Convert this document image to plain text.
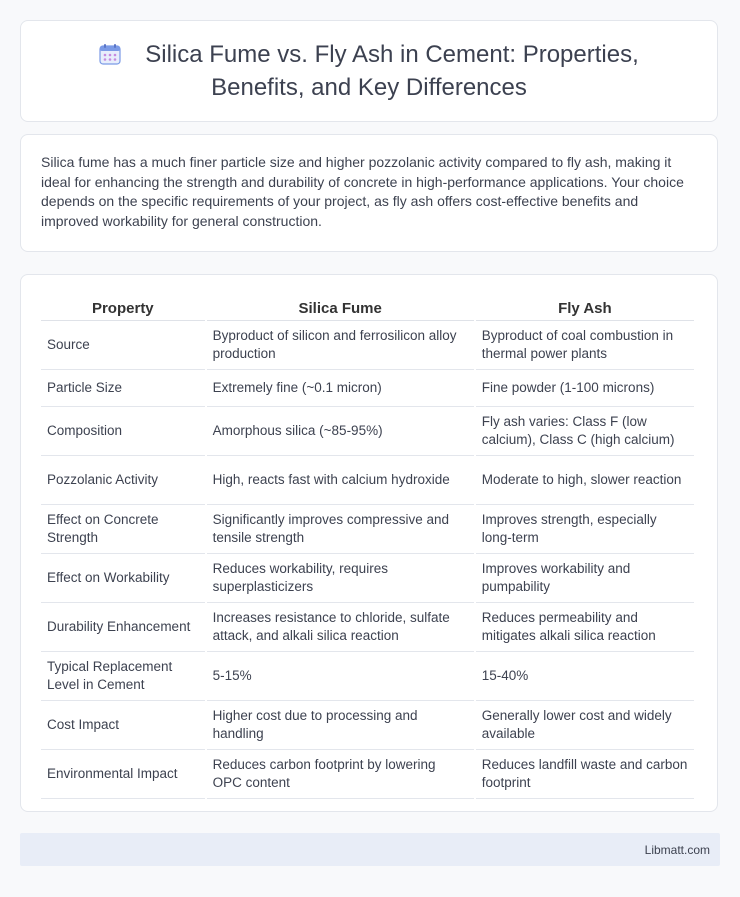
Silica Fume vs. Fly Ash in Cement: Properties, Benefits, and Key Differences

Silica fume has a much finer particle size and higher pozzolanic activity compared to fly ash, making it ideal for enhancing the strength and durability of concrete in high-performance applications. Your choice depends on the specific requirements of your project, as fly ash offers cost-effective benefits and improved workability for general construction.

Property	Silica Fume	Fly Ash
Source	Byproduct of silicon and ferrosilicon alloy production	Byproduct of coal combustion in thermal power plants
Particle Size	Extremely fine (~0.1 micron)	Fine powder (1-100 microns)
Composition	Amorphous silica (~85-95%)	Fly ash varies: Class F (low calcium), Class C (high calcium)
Pozzolanic Activity	High, reacts fast with calcium hydroxide	Moderate to high, slower reaction
Effect on Concrete Strength	Significantly improves compressive and tensile strength	Improves strength, especially long-term
Effect on Workability	Reduces workability, requires superplasticizers	Improves workability and pumpability
Durability Enhancement	Increases resistance to chloride, sulfate attack, and alkali silica reaction	Reduces permeability and mitigates alkali silica reaction
Typical Replacement Level in Cement	5-15%	15-40%
Cost Impact	Higher cost due to processing and handling	Generally lower cost and widely available
Environmental Impact	Reduces carbon footprint by lowering OPC content	Reduces landfill waste and carbon footprint
Libmatt.com
